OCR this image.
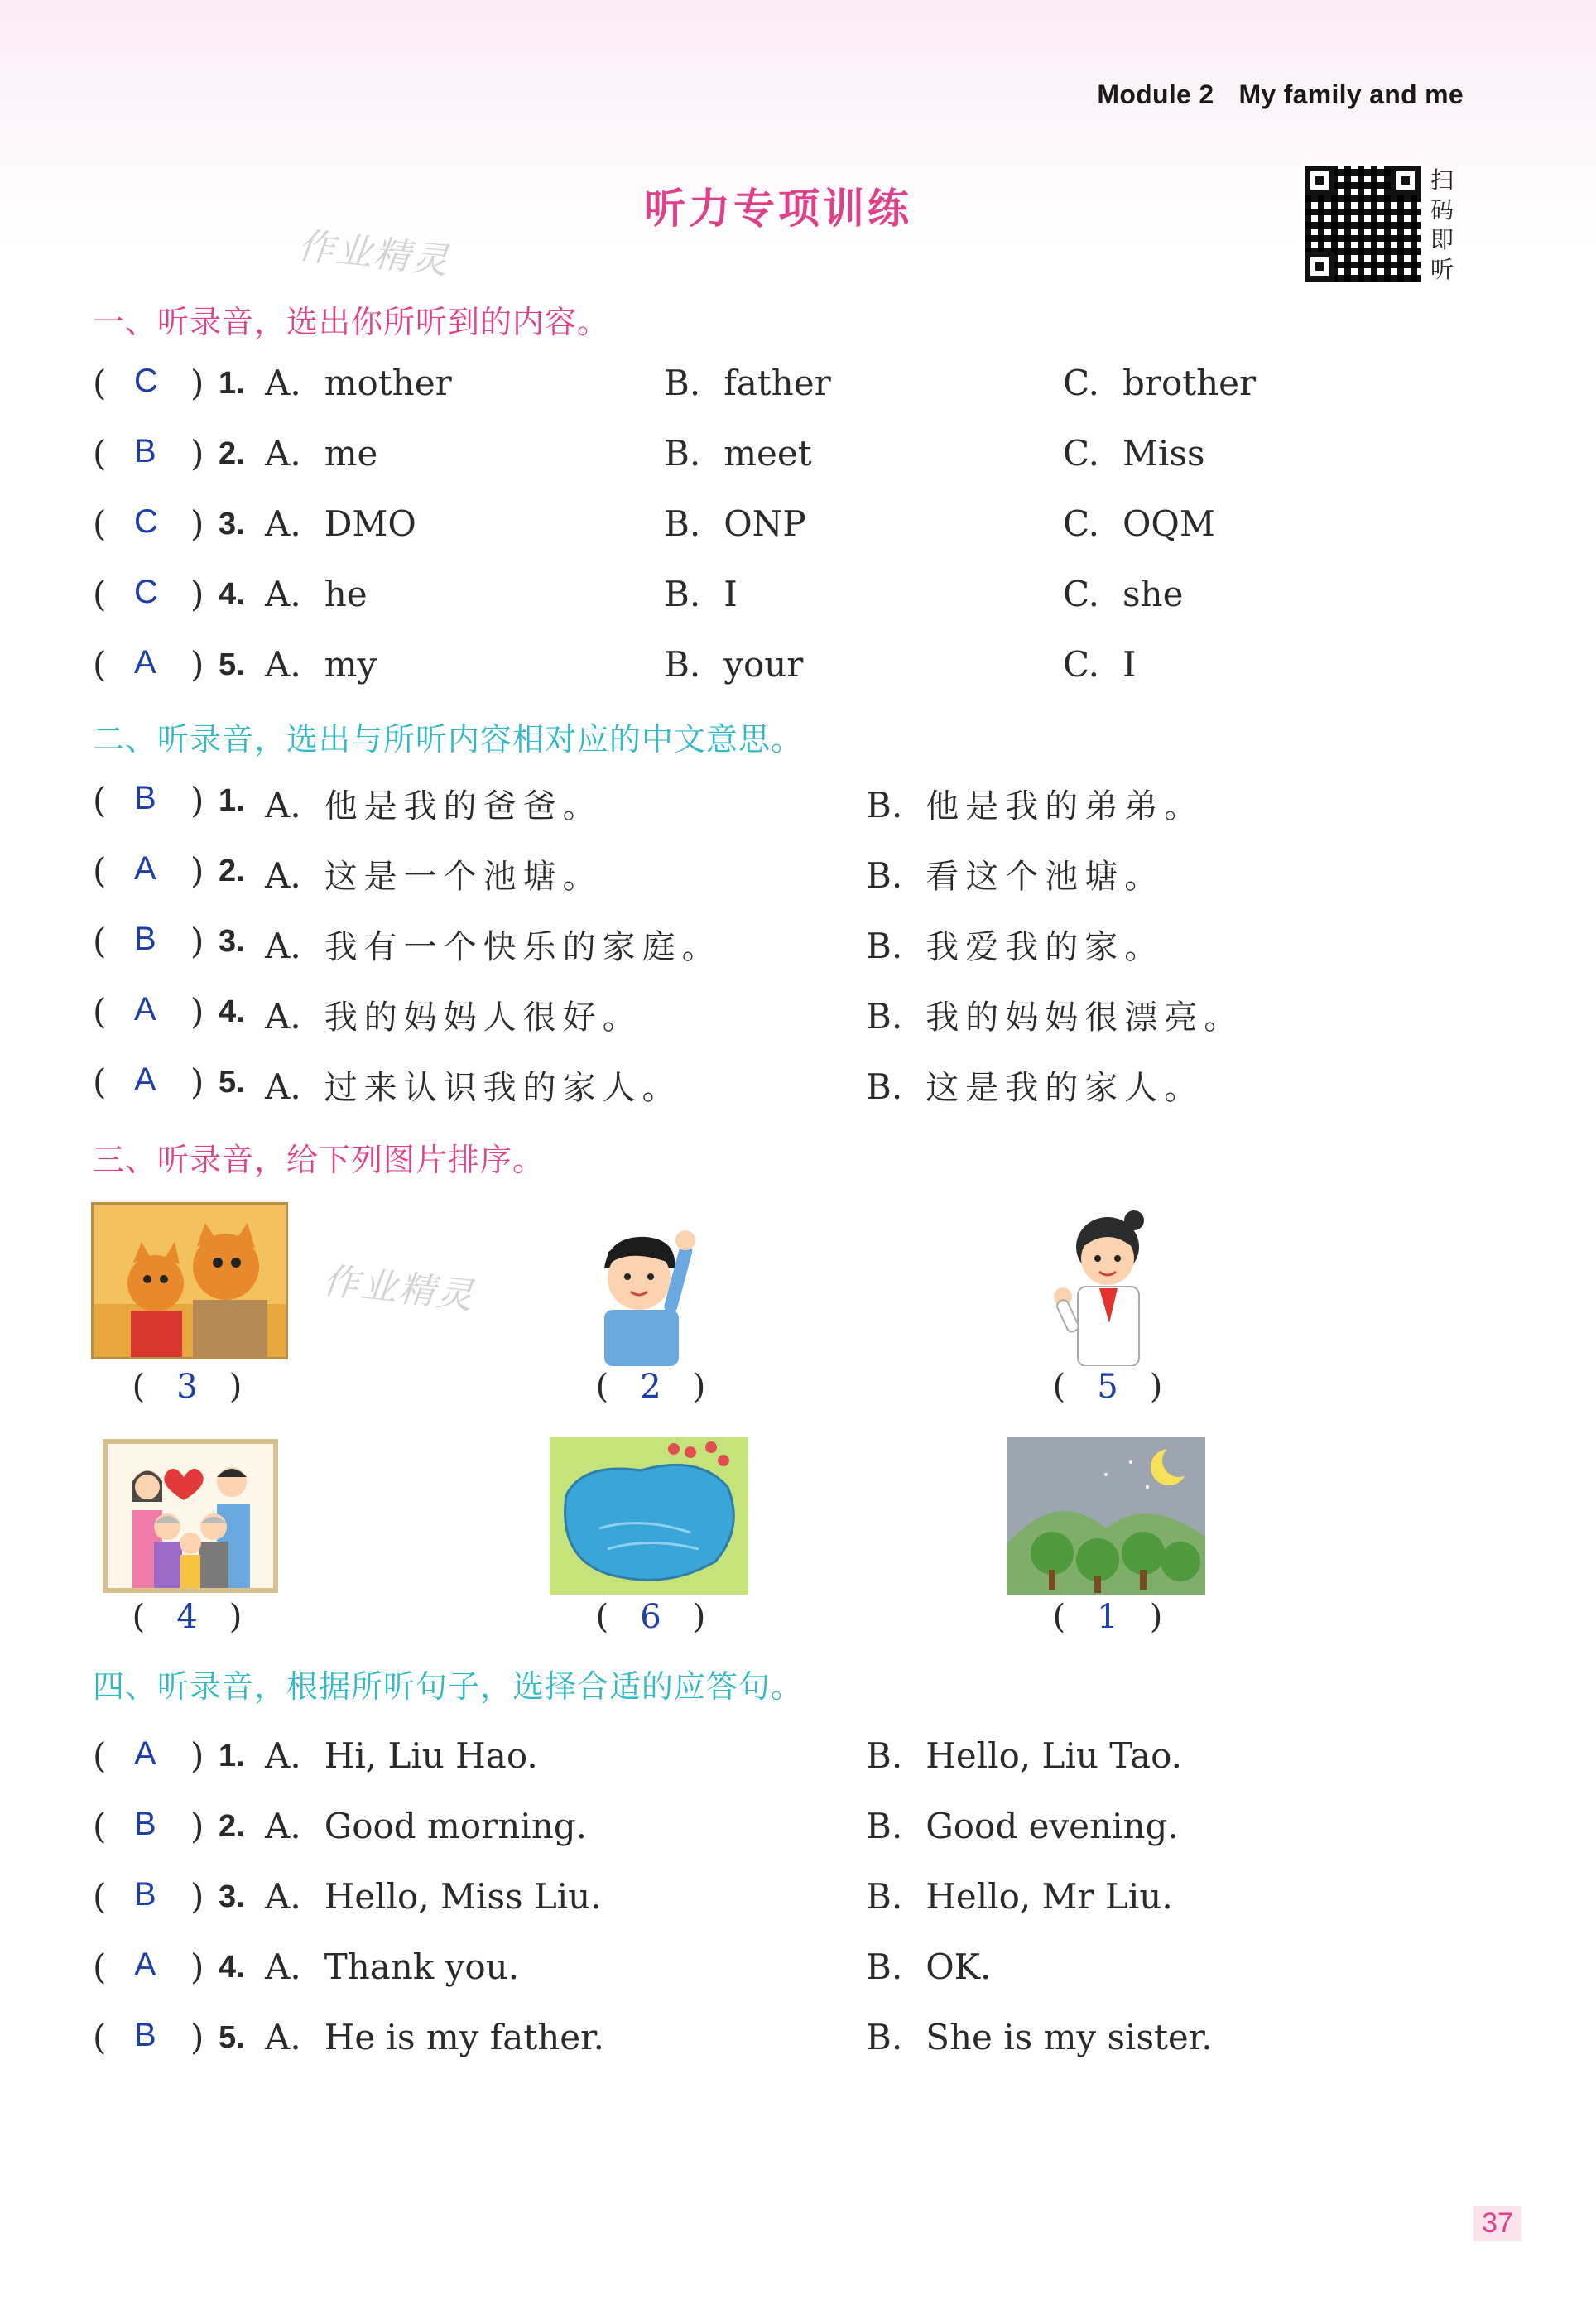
Module 2 My family and me
听力专项训练
扫
码
即
听
作业精灵
作业精灵
一、听录音，选出你所听到的内容。
( C ) 1. A. mother	B. father	C. brother
( B ) 2. A. me	B. meet	C. Miss
( C ) 3. A. DMO	B. ONP	C. OQM
( C ) 4. A. he	B. I	C. she
( A ) 5. A. my	B. your	C. I
二、听录音，选出与所听内容相对应的中文意思。
( B ) 1. A. 他是我的爸爸。	B. 他是我的弟弟。
( A ) 2. A. 这是一个池塘。	B. 看这个池塘。
( B ) 3. A. 我有一个快乐的家庭。	B. 我爱我的家。
( A ) 4. A. 我的妈妈人很好。	B. 我的妈妈很漂亮。
( A ) 5. A. 过来认识我的家人。	B. 这是我的家人。
三、听录音，给下列图片排序。
( 3 )	( 2 )	( 5 )
( 4 )	( 6 )	( 1 )
四、听录音，根据所听句子，选择合适的应答句。
( A ) 1. A. Hi, Liu Hao.	B. Hello, Liu Tao.
( B ) 2. A. Good morning.	B. Good evening.
( B ) 3. A. Hello, Miss Liu.	B. Hello, Mr Liu.
( A ) 4. A. Thank you.	B. OK.
( B ) 5. A. He is my father.	B. She is my sister.
37
